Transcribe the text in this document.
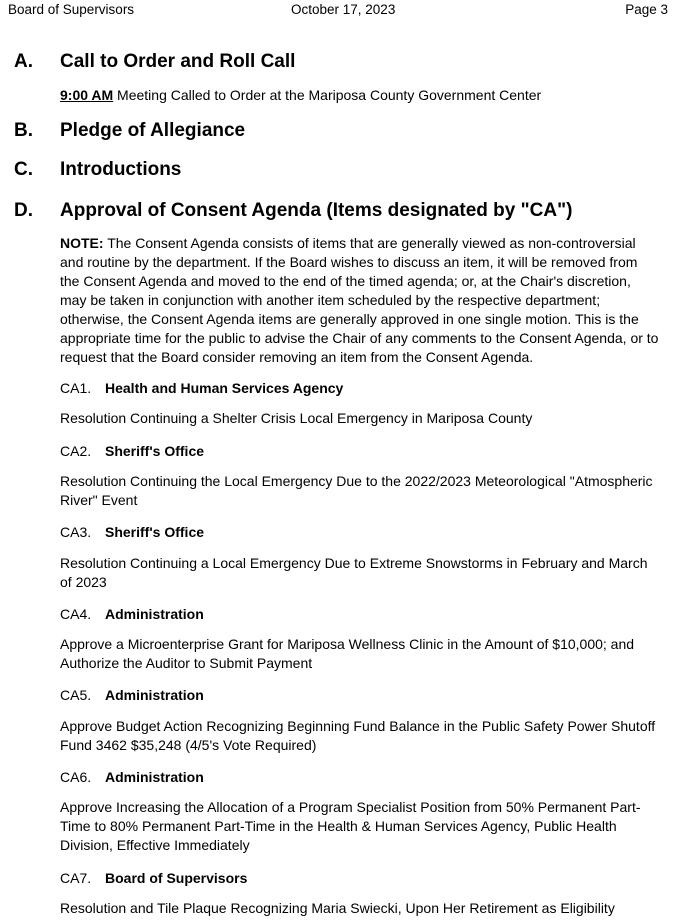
Board of Supervisors	October 17, 2023	Page 3
A. Call to Order and Roll Call
9:00 AM Meeting Called to Order at the Mariposa County Government Center
B. Pledge of Allegiance
C. Introductions
D. Approval of Consent Agenda (Items designated by "CA")
NOTE: The Consent Agenda consists of items that are generally viewed as non-controversial and routine by the department. If the Board wishes to discuss an item, it will be removed from the Consent Agenda and moved to the end of the timed agenda; or, at the Chair's discretion, may be taken in conjunction with another item scheduled by the respective department; otherwise, the Consent Agenda items are generally approved in one single motion. This is the appropriate time for the public to advise the Chair of any comments to the Consent Agenda, or to request that the Board consider removing an item from the Consent Agenda.
CA1. Health and Human Services Agency
Resolution Continuing a Shelter Crisis Local Emergency in Mariposa County
CA2. Sheriff's Office
Resolution Continuing the Local Emergency Due to the 2022/2023 Meteorological "Atmospheric River" Event
CA3. Sheriff's Office
Resolution Continuing a Local Emergency Due to Extreme Snowstorms in February and March of 2023
CA4. Administration
Approve a Microenterprise Grant for Mariposa Wellness Clinic in the Amount of $10,000; and Authorize the Auditor to Submit Payment
CA5. Administration
Approve Budget Action Recognizing Beginning Fund Balance in the Public Safety Power Shutoff Fund 3462 $35,248 (4/5's Vote Required)
CA6. Administration
Approve Increasing the Allocation of a Program Specialist Position from 50% Permanent Part-Time to 80% Permanent Part-Time in the Health & Human Services Agency, Public Health Division, Effective Immediately
CA7. Board of Supervisors
Resolution and Tile Plaque Recognizing Maria Swiecki, Upon Her Retirement as Eligibility
